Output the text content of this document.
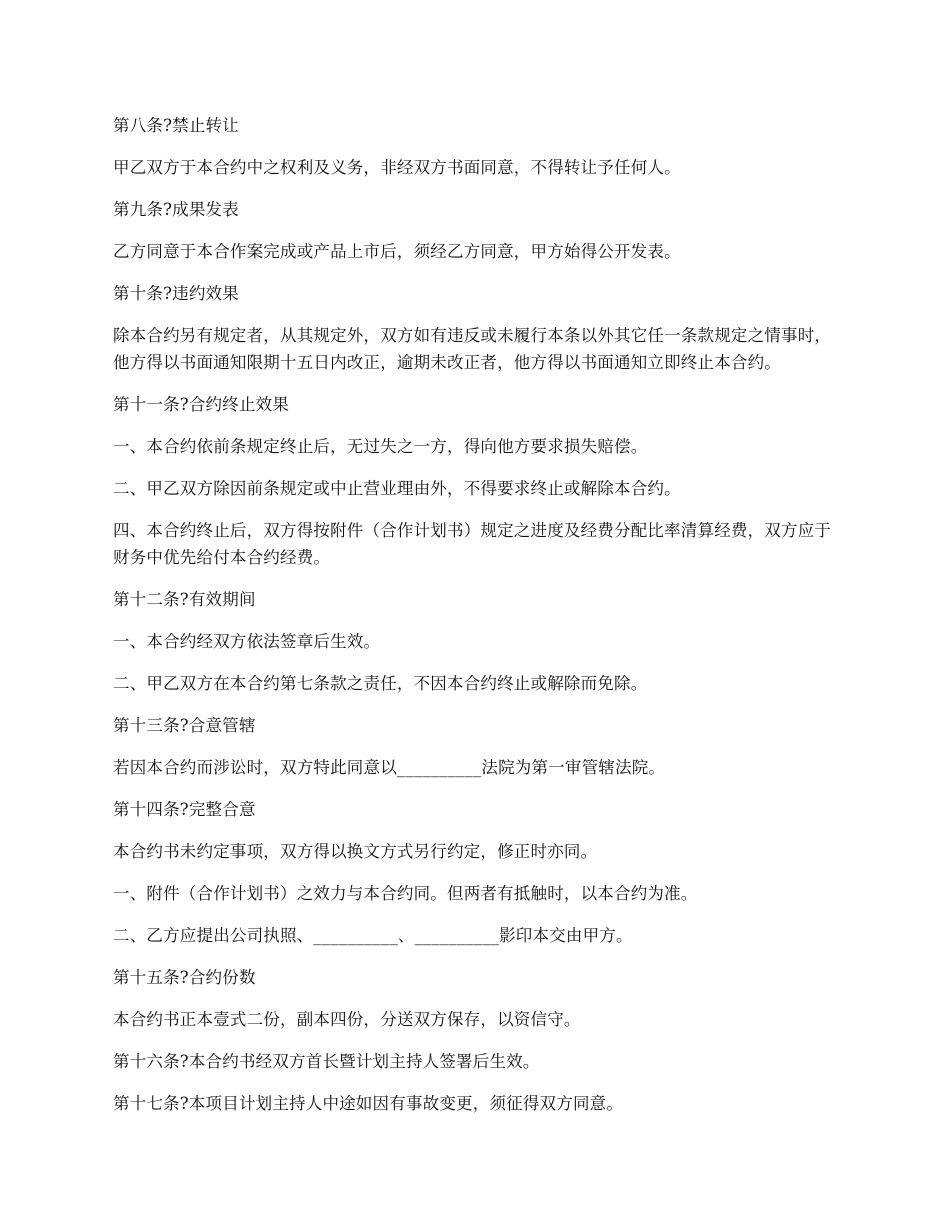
第八条?禁止转让

甲乙双方于本合约中之权利及义务，非经双方书面同意，不得转让予任何人。

第九条?成果发表

乙方同意于本合作案完成或产品上市后，须经乙方同意，甲方始得公开发表。

第十条?违约效果

除本合约另有规定者，从其规定外，双方如有违反或未履行本条以外其它任一条款规定之情事时，他方得以书面通知限期十五日内改正，逾期未改正者，他方得以书面通知立即终止本合约。

第十一条?合约终止效果

一、本合约依前条规定终止后，无过失之一方，得向他方要求损失赔偿。

二、甲乙双方除因前条规定或中止营业理由外，不得要求终止或解除本合约。

四、本合约终止后，双方得按附件（合作计划书）规定之进度及经费分配比率清算经费，双方应于财务中优先给付本合约经费。

第十二条?有效期间

一、本合约经双方依法签章后生效。

二、甲乙双方在本合约第七条款之责任，不因本合约终止或解除而免除。

第十三条?合意管辖

若因本合约而涉讼时，双方特此同意以__________法院为第一审管辖法院。

第十四条?完整合意

本合约书未约定事项，双方得以换文方式另行约定，修正时亦同。

一、附件（合作计划书）之效力与本合约同。但两者有抵触时，以本合约为准。

二、乙方应提出公司执照、__________、__________影印本交由甲方。

第十五条?合约份数

本合约书正本壹式二份，副本四份，分送双方保存，以资信守。

第十六条?本合约书经双方首长暨计划主持人签署后生效。

第十七条?本项目计划主持人中途如因有事故变更，须征得双方同意。
